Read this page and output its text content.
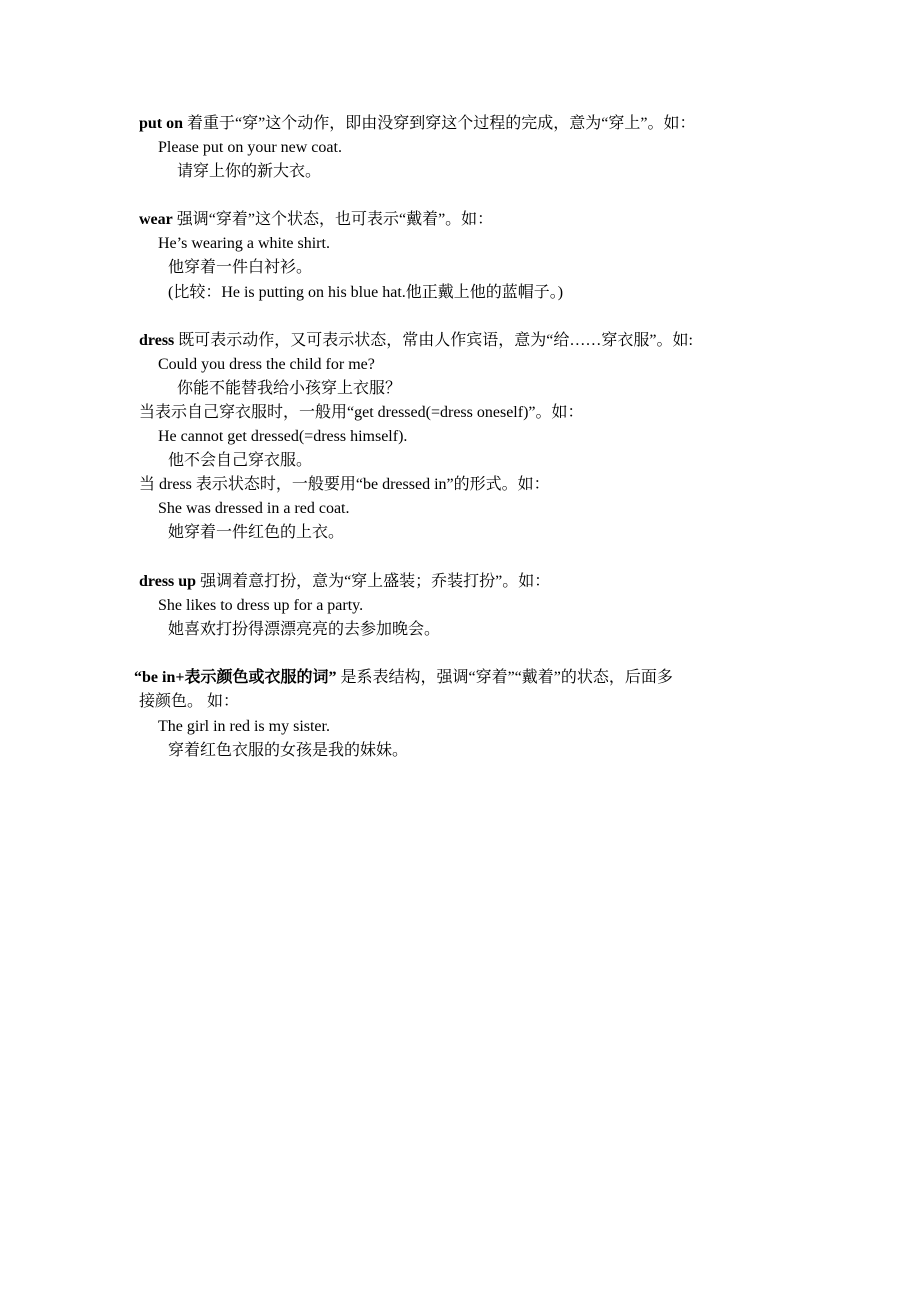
put on 着重于“穿”这个动作，即由没穿到穿这个过程的完成，意为“穿上”。如：
Please put on your new coat.
请穿上你的新大衣。
wear 强调“穿着”这个状态，也可表示“戴着”。如：
He’s wearing a white shirt.
他穿着一件白衬衫。
(比较：He is putting on his blue hat.他正戴上他的蓝帽子。)
dress 既可表示动作，又可表示状态，常由人作宾语，意为“给……穿衣服”。如:
Could you dress the child for me?
你能不能替我给小孩穿上衣服？
当表示自己穿衣服时，一般用“get dressed(=dress oneself)”。如：
He cannot get dressed(=dress himself).
他不会自己穿衣服。
当 dress 表示状态时，一般要用“be dressed in”的形式。如：
She was dressed in a red coat.
她穿着一件红色的上衣。
dress up 强调着意打扮，意为“穿上盛装；乔装打扮”。如：
She likes to dress up for a party.
她喜欢打扮得漂漂亮亮的去参加晚会。
“be in+表示颜色或衣服的词” 是系表结构，强调“穿着”“戴着”的状态，后面多
接颜色。 如：
The girl in red is my sister.
穿着红色衣服的女孩是我的妹妹。
